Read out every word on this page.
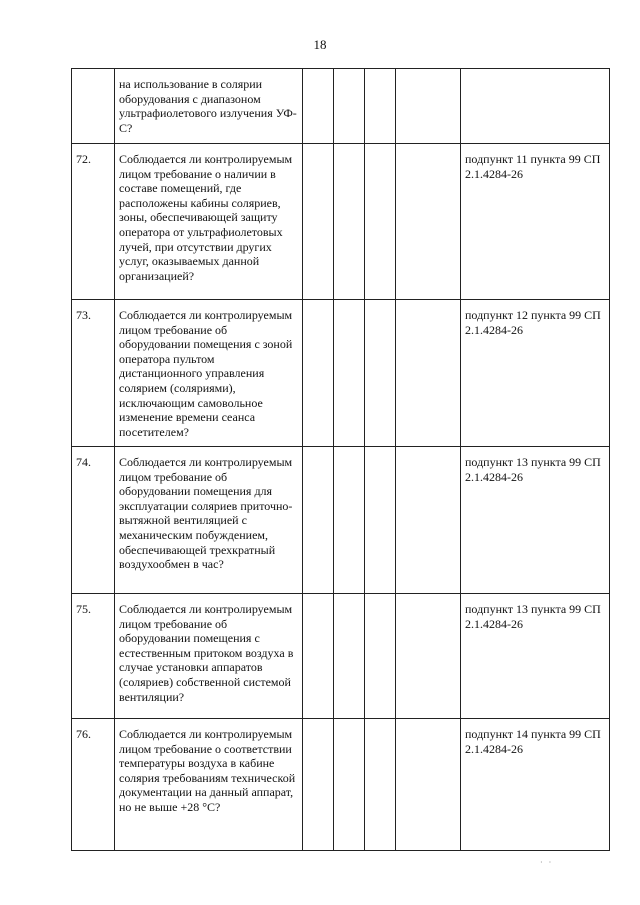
18
	на использование в солярии оборудования с диапазоном ультрафиолетового излучения УФ-С?					
72.	Соблюдается ли контролируемым лицом требование о наличии в составе помещений, где расположены кабины соляриев, зоны, обеспечивающей защиту оператора от ультрафиолетовых лучей, при отсутствии других услуг, оказываемых данной организацией?					подпункт 11 пункта 99 СП 2.1.4284-26
73.	Соблюдается ли контролируемым лицом требование об оборудовании помещения с зоной оператора пультом дистанционного управления солярием (соляриями), исключающим самовольное изменение времени сеанса посетителем?					подпункт 12 пункта 99 СП 2.1.4284-26
74.	Соблюдается ли контролируемым лицом требование об оборудовании помещения для эксплуатации соляриев приточно-вытяжной вентиляцией с механическим побуждением, обеспечивающей трехкратный воздухообмен в час?					подпункт 13 пункта 99 СП 2.1.4284-26
75.	Соблюдается ли контролируемым лицом требование об оборудовании помещения с естественным притоком воздуха в случае установки аппаратов (соляриев) собственной системой вентиляции?					подпункт 13 пункта 99 СП 2.1.4284-26
76.	Соблюдается ли контролируемым лицом требование о соответствии температуры воздуха в кабине солярия требованиям технической документации на данный аппарат, но не выше +28 °С?					подпункт 14 пункта 99 СП 2.1.4284-26
· ·
